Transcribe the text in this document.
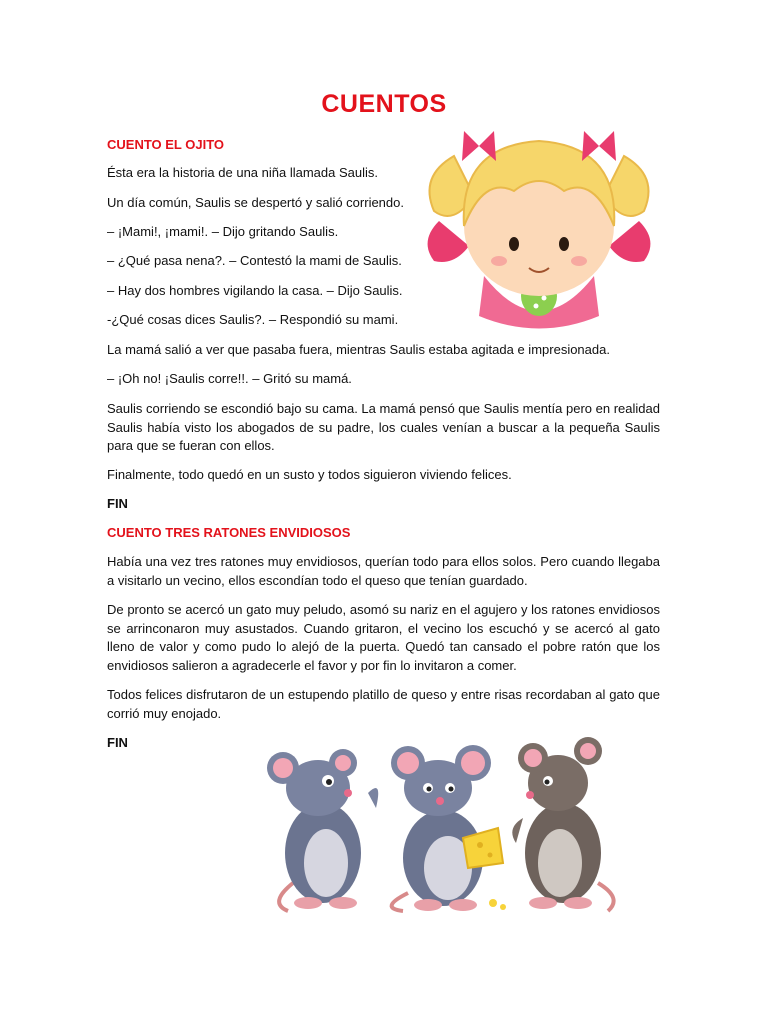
CUENTOS
CUENTO EL OJITO

Ésta era la historia de una niña llamada Saulis.

Un día común, Saulis se despertó y salió corriendo.

– ¡Mami!, ¡mami!. – Dijo gritando Saulis.

– ¿Qué pasa nena?. – Contestó la mami de Saulis.

– Hay dos hombres vigilando la casa. – Dijo Saulis.

-¿Qué cosas dices Saulis?. – Respondió su mami.

La mamá salió a ver que pasaba fuera, mientras Saulis estaba agitada e impresionada.

– ¡Oh no! ¡Saulis corre!!. – Gritó su mamá.

Saulis corriendo se escondió bajo su cama. La mamá pensó que Saulis mentía pero en realidad Saulis había visto los abogados de su padre, los cuales venían a buscar a la pequeña Saulis para que se fueran con ellos.

Finalmente, todo quedó en un susto y todos siguieron viviendo felices.

FIN

CUENTO TRES RATONES ENVIDIOSOS

Había una vez tres ratones muy envidiosos, querían todo para ellos solos. Pero cuando llegaba a visitarlo un vecino, ellos escondían todo el queso que tenían guardado.

De pronto se acercó un gato muy peludo, asomó su nariz en el agujero y los ratones envidiosos se arrinconaron muy asustados. Cuando gritaron, el vecino los escuchó y se acercó al gato lleno de valor y como pudo lo alejó de la puerta. Quedó tan cansado el pobre ratón que los envidiosos salieron a agradecerle el favor y por fin lo invitaron a comer.

Todos felices disfrutaron de un estupendo platillo de queso y entre risas recordaban al gato que corrió muy enojado.

FIN
